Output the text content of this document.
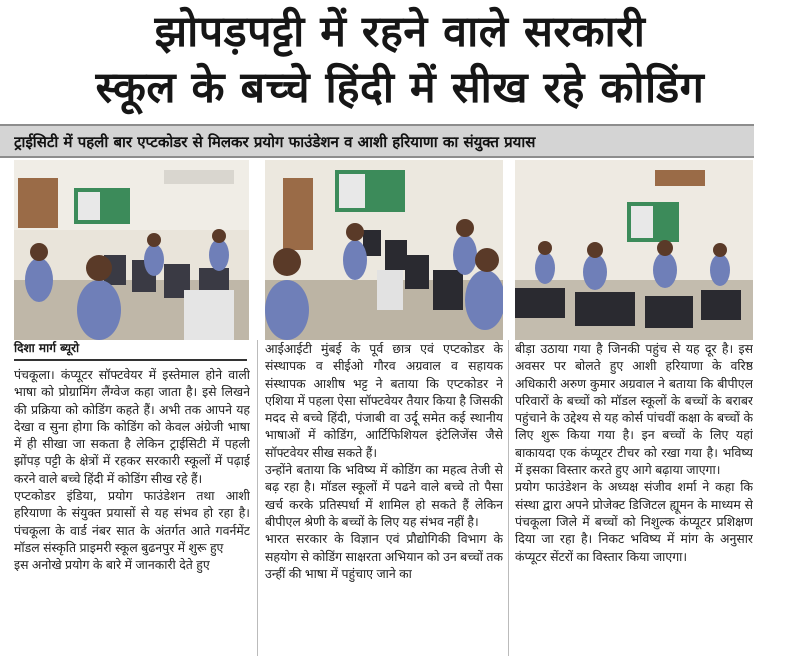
झोपड़पट्टी में रहने वाले सरकारी
स्कूल के बच्चे हिंदी में सीख रहे कोडिंग
ट्राईसिटी में पहली बार एप्टकोडर से मिलकर प्रयोग फाउंडेशन व आशी हरियाणा का संयुक्त प्रयास
दिशा मार्ग ब्यूरो

पंचकूला। कंप्यूटर सॉफ्टवेयर में इस्तेमाल होने वाली भाषा को प्रोग्रामिंग लैंग्वेज कहा जाता है। इसे लिखने की प्रक्रिया को कोडिंग कहते हैं। अभी तक आपने यह देखा व सुना होगा कि कोडिंग को केवल अंग्रेजी भाषा में ही सीखा जा सकता है लेकिन ट्राईसिटी में पहली झोंपड़ पट्टी के क्षेत्रों में रहकर सरकारी स्कूलों में पढ़ाई करने वाले बच्चे हिंदी में कोडिंग सीख रहे हैं।

एप्टकोडर इंडिया, प्रयोग फाउंडेशन तथा आशी हरियाणा के संयुक्त प्रयासों से यह संभव हो रहा है। पंचकूला के वार्ड नंबर सात के अंतर्गत आते गवर्नमेंट मॉडल संस्कृति प्राइमरी स्कूल बुढनपुर में शुरू हुए

इस अनोखे प्रयोग के बारे में जानकारी देते हुए

आईआईटी मुंबई के पूर्व छात्र एवं एप्टकोडर के संस्थापक व सीईओ गौरव अग्रवाल व सहायक संस्थापक आशीष भट्ट ने बताया कि एप्टकोडर ने एशिया में पहला ऐसा सॉफ्टवेयर तैयार किया है जिसकी मदद से बच्चे हिंदी, पंजाबी वा उर्दू समेत कई स्थानीय भाषाओं में कोडिंग, आर्टिफिशियल इंटेलिजेंस जैसे सॉफ्टवेयर सीख सकते हैं।

उन्होंने बताया कि भविष्य में कोडिंग का महत्व तेजी से बढ़ रहा है। मॉडल स्कूलों में पढने वाले बच्चे तो पैसा खर्च करके प्रतिस्पर्धा में शामिल हो सकते हैं लेकिन बीपीएल श्रेणी के बच्चों के लिए यह संभव नहीं है।

भारत सरकार के विज्ञान एवं प्रौद्योगिकी विभाग के सहयोग से कोडिंग साक्षरता अभियान को उन बच्चों तक उन्हीं की भाषा में पहुंचाए जाने का

बीड़ा उठाया गया है जिनकी पहुंच से यह दूर है। इस अवसर पर बोलते हुए आशी हरियाणा के वरिष्ठ अधिकारी अरुण कुमार अग्रवाल ने बताया कि बीपीएल परिवारों के बच्चों को मॉडल स्कूलों के बच्चों के बराबर पहुंचाने के उद्देश्य से यह कोर्स पांचवीं कक्षा के बच्चों के लिए शुरू किया गया है। इन बच्चों के लिए यहां बाकायदा एक कंप्यूटर टीचर को रखा गया है। भविष्य में इसका विस्तार करते हुए आगे बढ़ाया जाएगा।

प्रयोग फाउंडेशन के अध्यक्ष संजीव शर्मा ने कहा कि संस्था द्वारा अपने प्रोजेक्ट डिजिटल ह्यूमन के माध्यम से पंचकूला जिले में बच्चों को निशुल्क कंप्यूटर प्रशिक्षण दिया जा रहा है। निकट भविष्य में मांग के अनुसार कंप्यूटर सेंटरों का विस्तार किया जाएगा।
